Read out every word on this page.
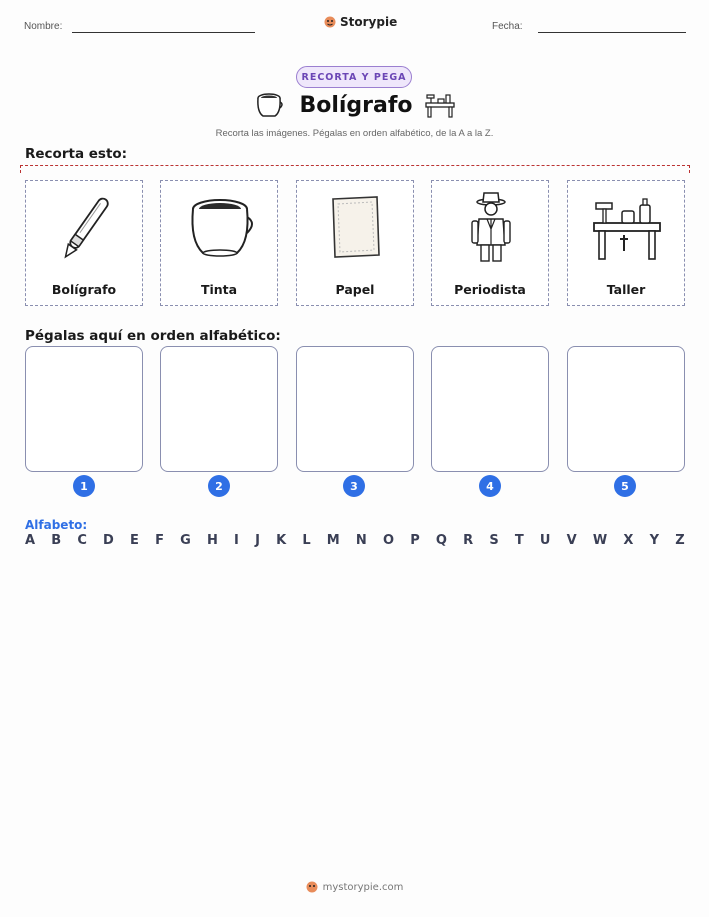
Nombre:	Storypie	Fecha:
RECORTA Y PEGA
Bolígrafo
Recorta las imágenes. Pégalas en orden alfabético, de la A a la Z.
Recorta esto:
Bolígrafo	Tinta	Papel	Periodista	Taller
Pégalas aquí en orden alfabético:
1	2	3	4	5
Alfabeto:
A B C D E F G H I J K L M N O P Q R S T U V W X Y Z
mystorypie.com
